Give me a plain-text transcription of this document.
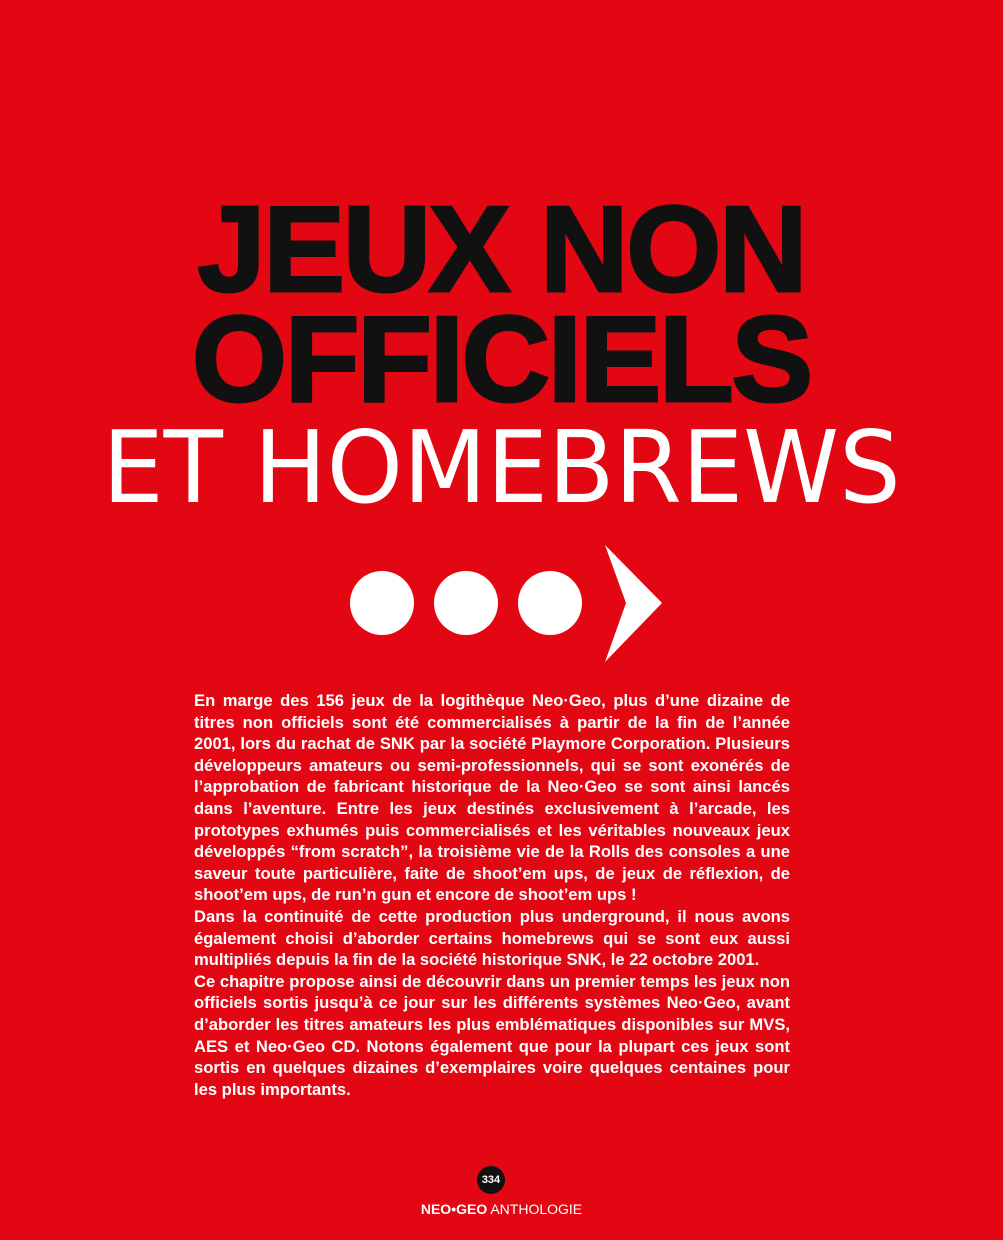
JEUX NON
OFFICIELS
ET HOMEBREWS

En marge des 156 jeux de la logithèque Neo·Geo, plus d’une dizaine de titres non officiels sont été commercialisés à partir de la fin de l’année 2001, lors du rachat de SNK par la société Playmore Corporation. Plusieurs développeurs amateurs ou semi-professionnels, qui se sont exonérés de l’approbation de fabricant historique de la Neo·Geo se sont ainsi lancés dans l’aventure. Entre les jeux destinés exclusivement à l’arcade, les prototypes exhumés puis commercialisés et les véritables nouveaux jeux développés “from scratch”, la troisième vie de la Rolls des consoles a une saveur toute particulière, faite de shoot’em ups, de jeux de réflexion, de shoot’em ups, de run’n gun et encore de shoot’em ups !

Dans la continuité de cette production plus underground, il nous avons également choisi d’aborder certains homebrews qui se sont eux aussi multipliés depuis la fin de la société historique SNK, le 22 octobre 2001.

Ce chapitre propose ainsi de découvrir dans un premier temps les jeux non officiels sortis jusqu’à ce jour sur les différents systèmes Neo·Geo, avant d’aborder les titres amateurs les plus emblématiques disponibles sur MVS, AES et Neo·Geo CD. Notons également que pour la plupart ces jeux sont sortis en quelques dizaines d’exemplaires voire quelques centaines pour les plus importants.

334
NEO•GEO ANTHOLOGIE
